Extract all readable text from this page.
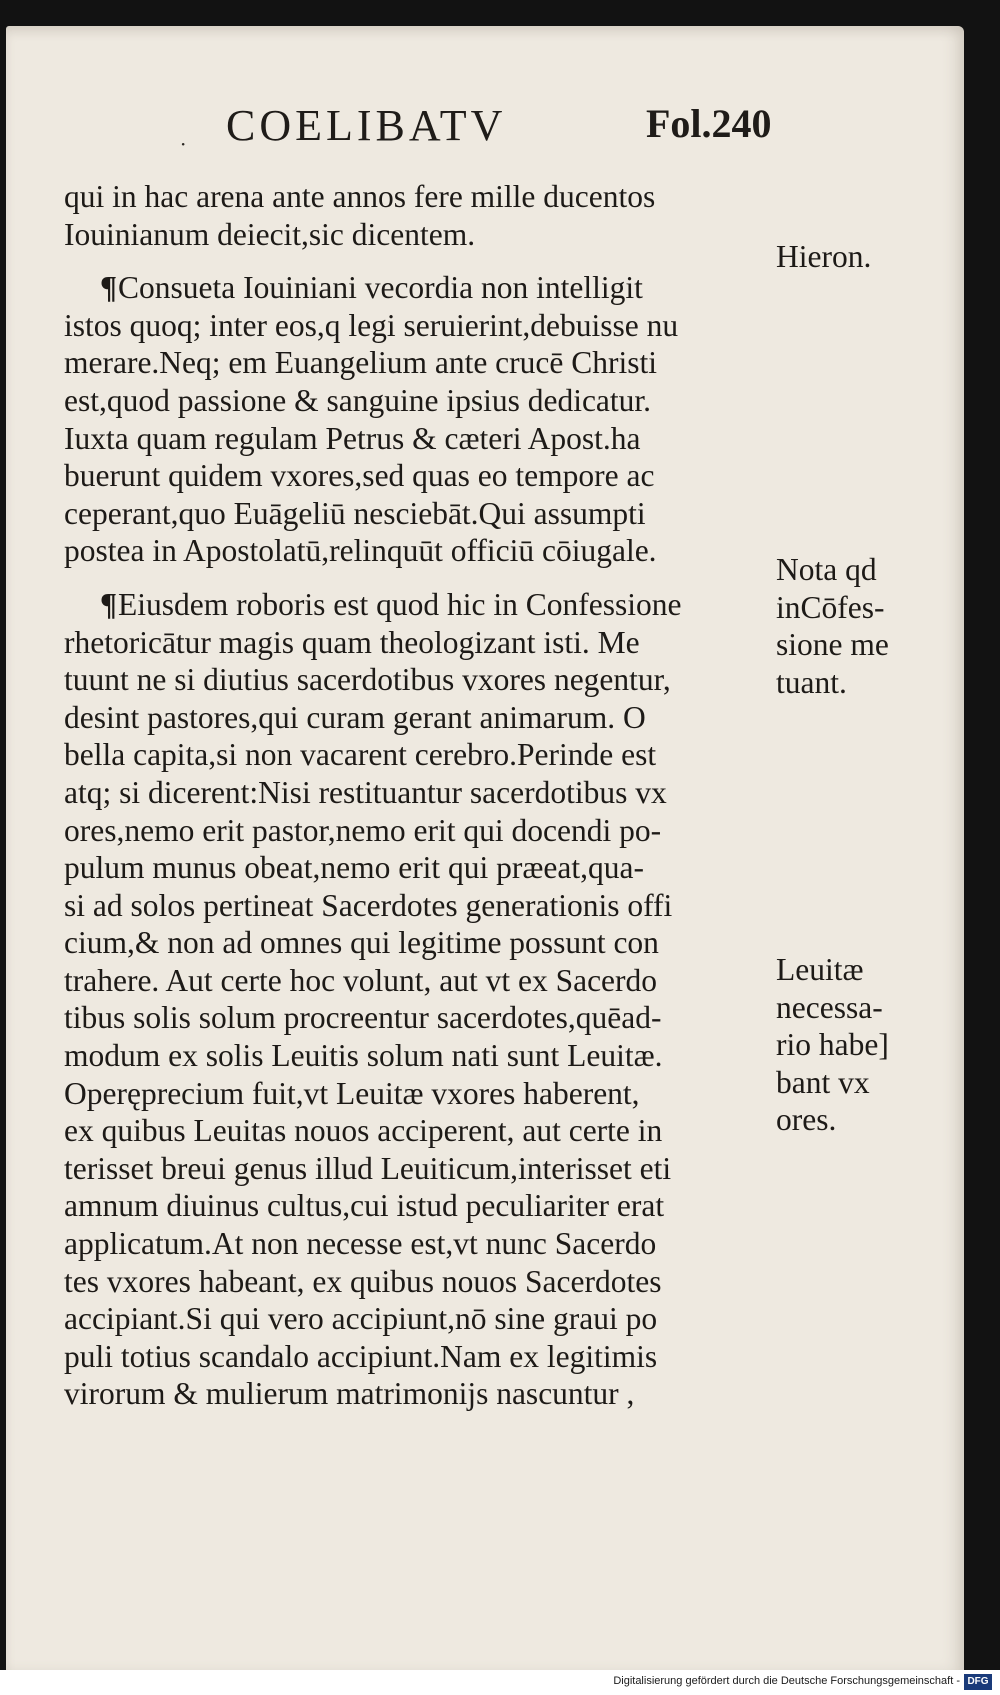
· COELIBATV	Fol.240
qui in hac arena ante annos fere mille ducentos
Iouinianum deiecit,sic dicentem.
¶Consueta Iouiniani vecordia non intelligit
istos quoq; inter eos,q legi seruierint,debuisse nu
merare.Neq; em Euangelium ante crucē Christi
est,quod passione & sanguine ipsius dedicatur.
Iuxta quam regulam Petrus & cæteri Apost.ha
buerunt quidem vxores,sed quas eo tempore ac
ceperant,quo Euāgeliū nesciebāt.Qui assumpti
postea in Apostolatū,relinquūt officiū cōiugale.
¶Eiusdem roboris est quod hic in Confessione
rhetoricātur magis quam theologizant isti. Me
tuunt ne si diutius sacerdotibus vxores negentur,
desint pastores,qui curam gerant animarum. O
bella capita,si non vacarent cerebro.Perinde est
atq; si dicerent:Nisi restituantur sacerdotibus vx
ores,nemo erit pastor,nemo erit qui docendi po-
pulum munus obeat,nemo erit qui præeat,qua-
si ad solos pertineat Sacerdotes generationis offi
cium,& non ad omnes qui legitime possunt con
trahere. Aut certe hoc volunt, aut vt ex Sacerdo
tibus solis solum procreentur sacerdotes,quēad-
modum ex solis Leuitis solum nati sunt Leuitæ.
Operęprecium fuit,vt Leuitæ vxores haberent,
ex quibus Leuitas nouos acciperent, aut certe in
terisset breui genus illud Leuiticum,interisset eti
amnum diuinus cultus,cui istud peculiariter erat
applicatum.At non necesse est,vt nunc Sacerdo
tes vxores habeant, ex quibus nouos Sacerdotes
accipiant.Si qui vero accipiunt,nō sine graui po
puli totius scandalo accipiunt.Nam ex legitimis
virorum & mulierum matrimonijs nascuntur ,
Hieron.
Nota qd
inCōfes-
sione me
tuant.
Leuitæ
necessa-
rio habe]
bant vx
ores.
Digitalisierung gefördert durch die Deutsche Forschungsgemeinschaft - DFG
